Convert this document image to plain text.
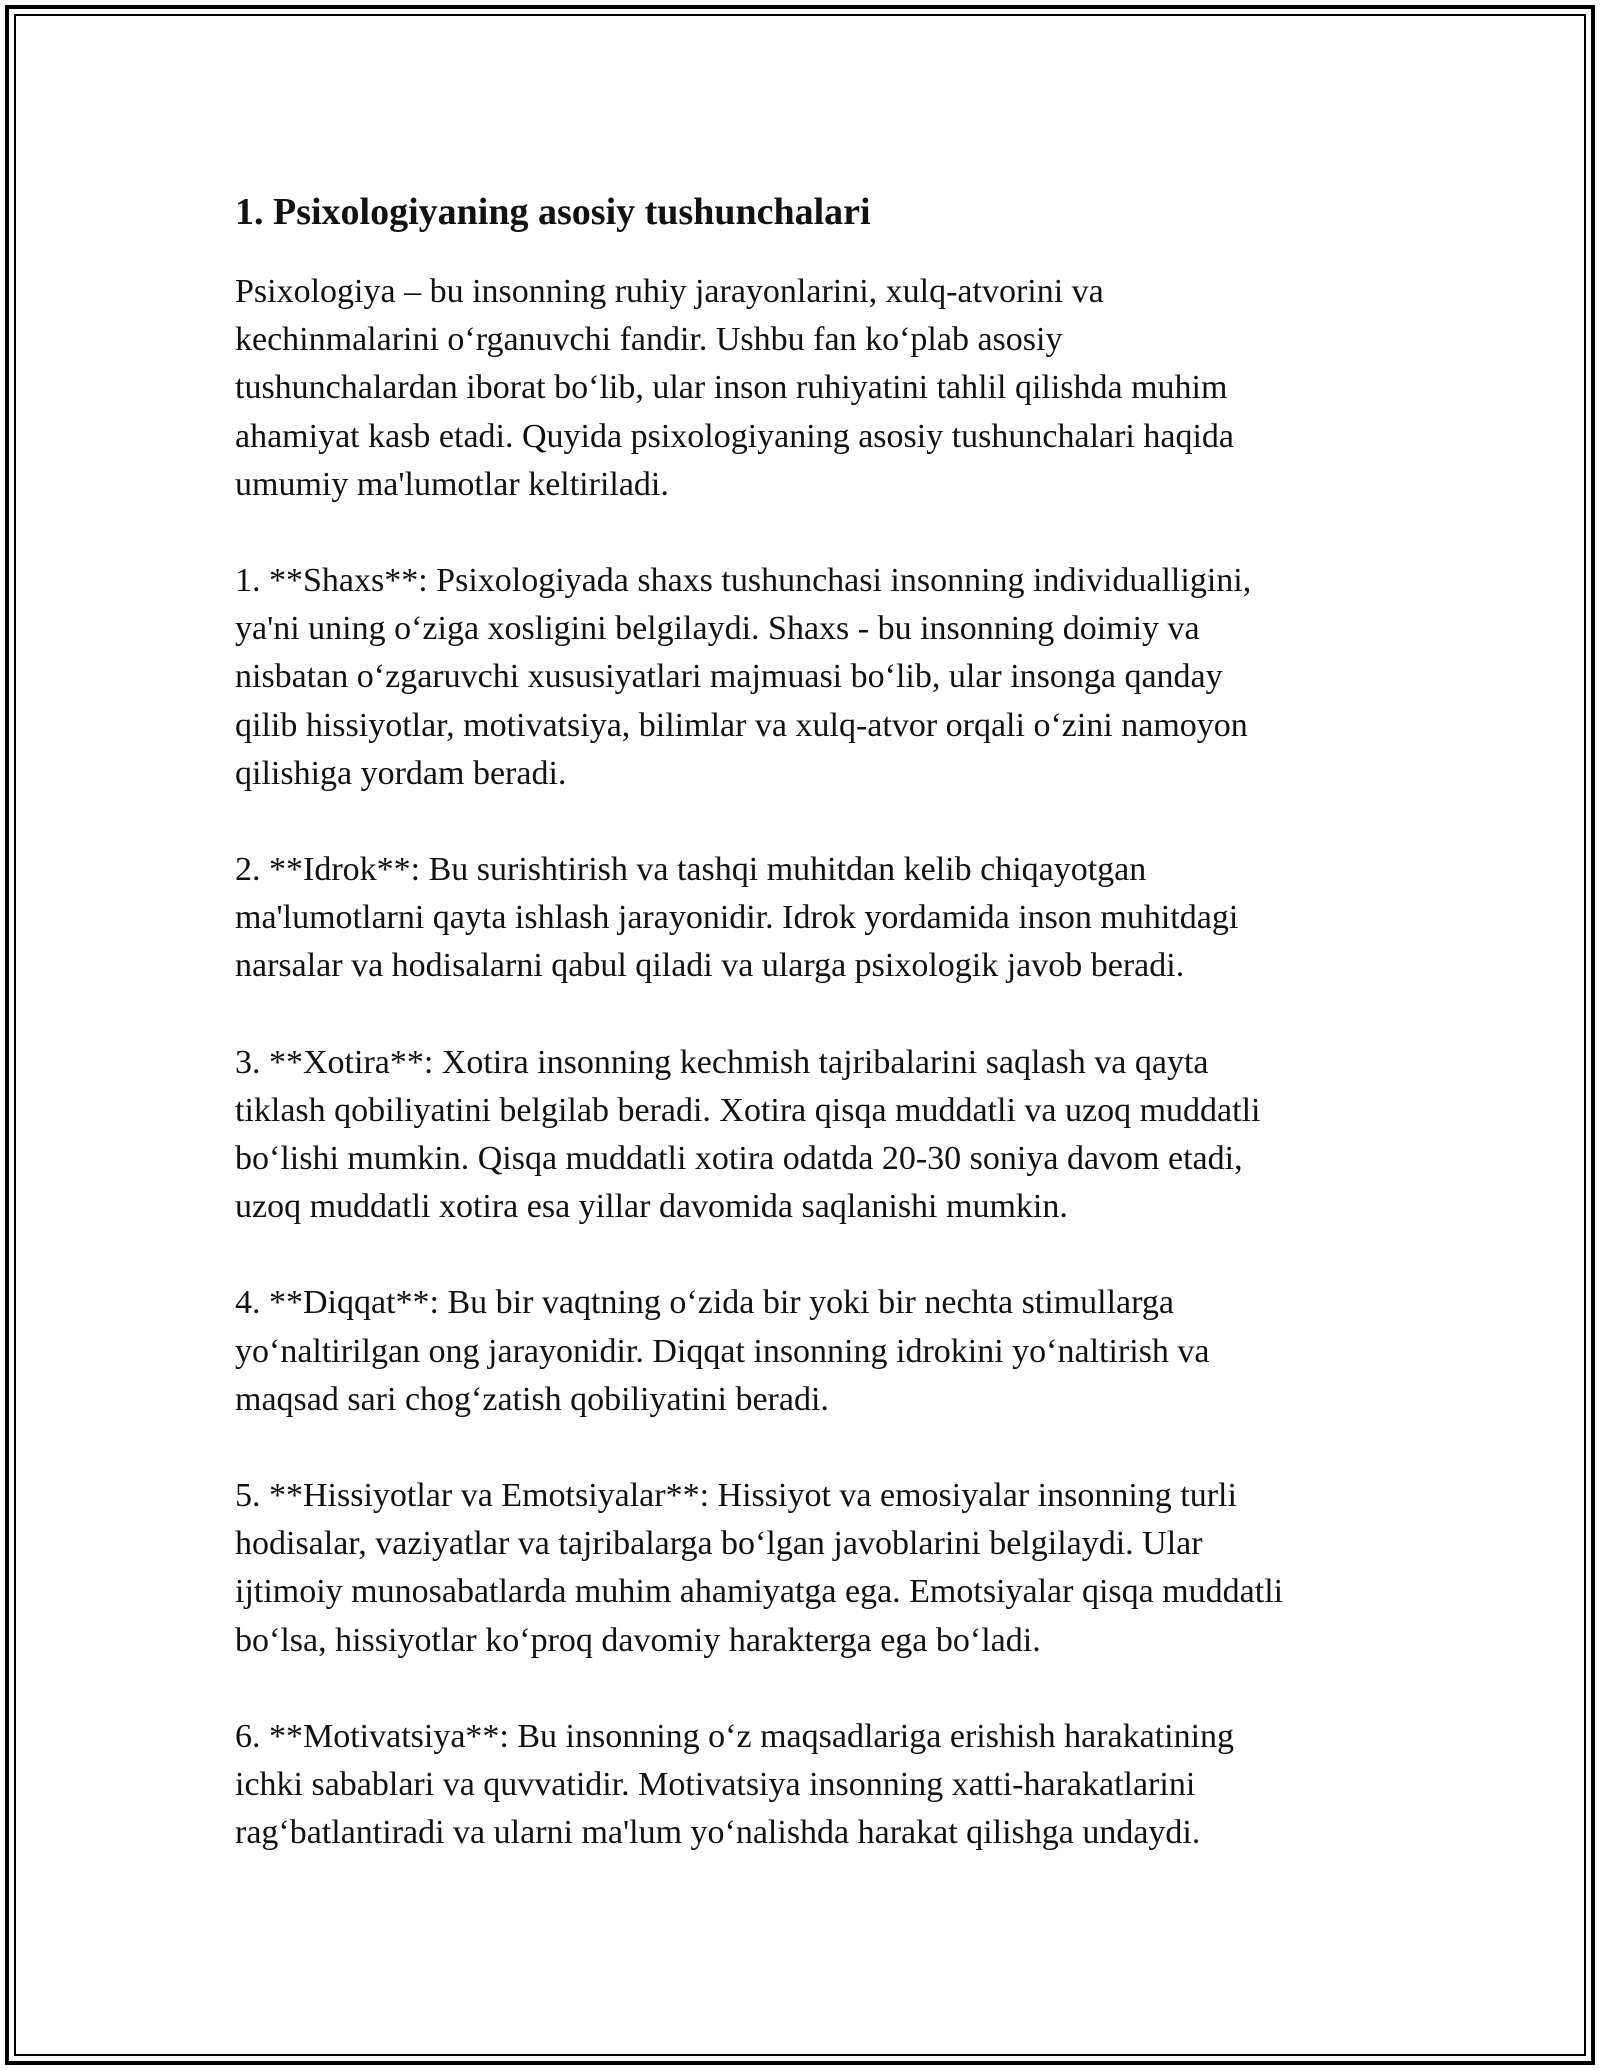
1. Psixologiyaning asosiy tushunchalari

Psixologiya – bu insonning ruhiy jarayonlarini, xulq-atvorini va
kechinmalarini oʻrganuvchi fandir. Ushbu fan koʻplab asosiy
tushunchalardan iborat boʻlib, ular inson ruhiyatini tahlil qilishda muhim
ahamiyat kasb etadi. Quyida psixologiyaning asosiy tushunchalari haqida
umumiy ma'lumotlar keltiriladi.

1. **Shaxs**: Psixologiyada shaxs tushunchasi insonning individualligini,
ya'ni uning oʻziga xosligini belgilaydi. Shaxs - bu insonning doimiy va
nisbatan oʻzgaruvchi xususiyatlari majmuasi boʻlib, ular insonga qanday
qilib hissiyotlar, motivatsiya, bilimlar va xulq-atvor orqali oʻzini namoyon
qilishiga yordam beradi.

2. **Idrok**: Bu surishtirish va tashqi muhitdan kelib chiqayotgan
ma'lumotlarni qayta ishlash jarayonidir. Idrok yordamida inson muhitdagi
narsalar va hodisalarni qabul qiladi va ularga psixologik javob beradi.

3. **Xotira**: Xotira insonning kechmish tajribalarini saqlash va qayta
tiklash qobiliyatini belgilab beradi. Xotira qisqa muddatli va uzoq muddatli
boʻlishi mumkin. Qisqa muddatli xotira odatda 20-30 soniya davom etadi,
uzoq muddatli xotira esa yillar davomida saqlanishi mumkin.

4. **Diqqat**: Bu bir vaqtning oʻzida bir yoki bir nechta stimullarga
yoʻnaltirilgan ong jarayonidir. Diqqat insonning idrokini yoʻnaltirish va
maqsad sari chogʻzatish qobiliyatini beradi.

5. **Hissiyotlar va Emotsiyalar**: Hissiyot va emosiyalar insonning turli
hodisalar, vaziyatlar va tajribalarga boʻlgan javoblarini belgilaydi. Ular
ijtimoiy munosabatlarda muhim ahamiyatga ega. Emotsiyalar qisqa muddatli
boʻlsa, hissiyotlar koʻproq davomiy harakterga ega boʻladi.

6. **Motivatsiya**: Bu insonning oʻz maqsadlariga erishish harakatining
ichki sabablari va quvvatidir. Motivatsiya insonning xatti-harakatlarini
ragʻbatlantiradi va ularni ma'lum yoʻnalishda harakat qilishga undaydi.
